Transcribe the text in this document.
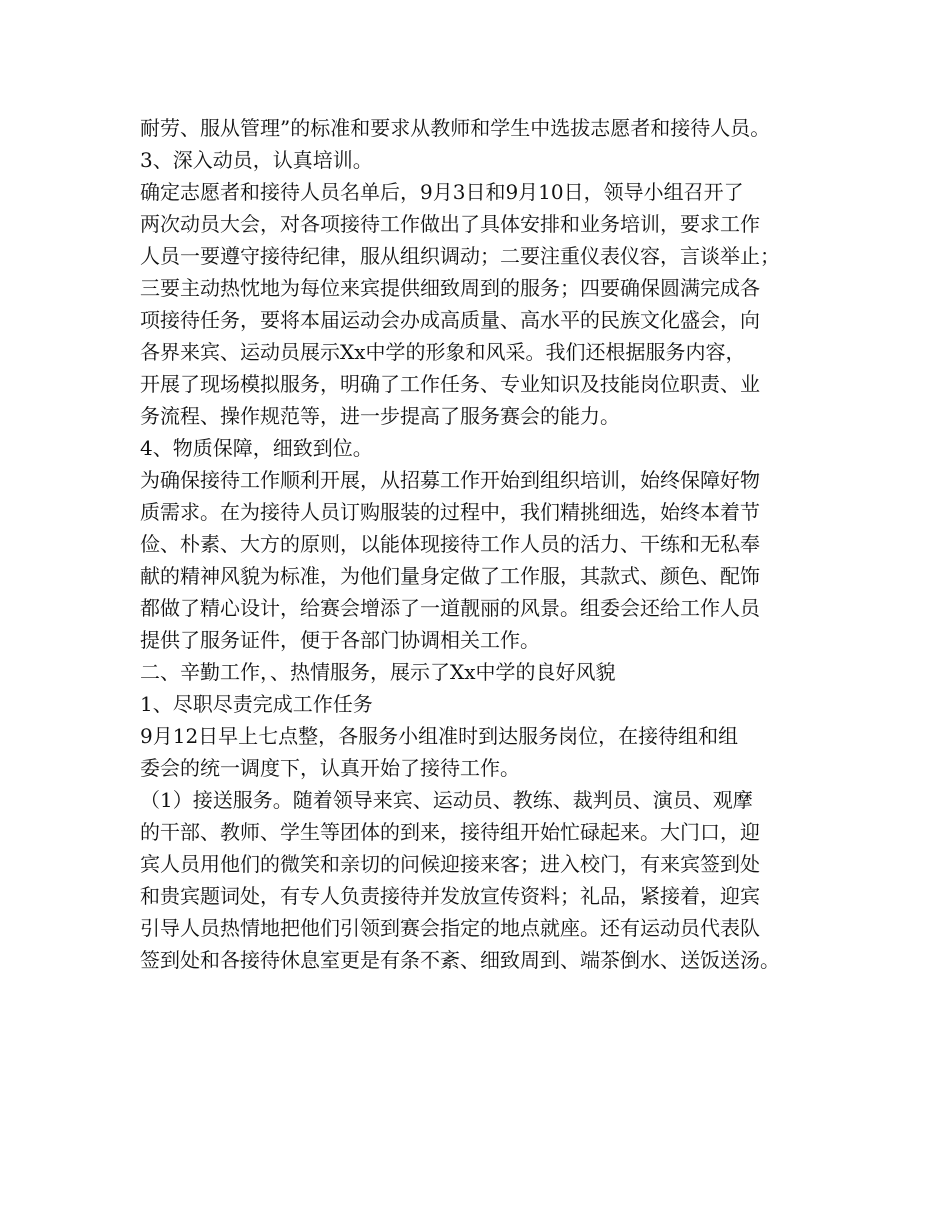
耐劳、服从管理”的标准和要求从教师和学生中选拔志愿者和接待人员。
3、深入动员，认真培训。
确定志愿者和接待人员名单后，9月3日和9月10日，领导小组召开了
两次动员大会，对各项接待工作做出了具体安排和业务培训，要求工作
人员一要遵守接待纪律，服从组织调动；二要注重仪表仪容，言谈举止；
三要主动热忱地为每位来宾提供细致周到的服务；四要确保圆满完成各
项接待任务，要将本届运动会办成高质量、高水平的民族文化盛会，向
各界来宾、运动员展示Xx中学的形象和风采。我们还根据服务内容，
开展了现场模拟服务，明确了工作任务、专业知识及技能岗位职责、业
务流程、操作规范等，进一步提高了服务赛会的能力。
4、物质保障，细致到位。
为确保接待工作顺利开展，从招募工作开始到组织培训，始终保障好物
质需求。在为接待人员订购服装的过程中，我们精挑细选，始终本着节
俭、朴素、大方的原则，以能体现接待工作人员的活力、干练和无私奉
献的精神风貌为标准，为他们量身定做了工作服，其款式、颜色、配饰
都做了精心设计，给赛会增添了一道靓丽的风景。组委会还给工作人员
提供了服务证件，便于各部门协调相关工作。
二、辛勤工作，、热情服务，展示了Xx中学的良好风貌
1、尽职尽责完成工作任务
9月12日早上七点整，各服务小组准时到达服务岗位，在接待组和组
委会的统一调度下，认真开始了接待工作。
（1）接送服务。随着领导来宾、运动员、教练、裁判员、演员、观摩
的干部、教师、学生等团体的到来，接待组开始忙碌起来。大门口，迎
宾人员用他们的微笑和亲切的问候迎接来客；进入校门，有来宾签到处
和贵宾题词处，有专人负责接待并发放宣传资料；礼品，紧接着，迎宾
引导人员热情地把他们引领到赛会指定的地点就座。还有运动员代表队
签到处和各接待休息室更是有条不紊、细致周到、端茶倒水、送饭送汤。
